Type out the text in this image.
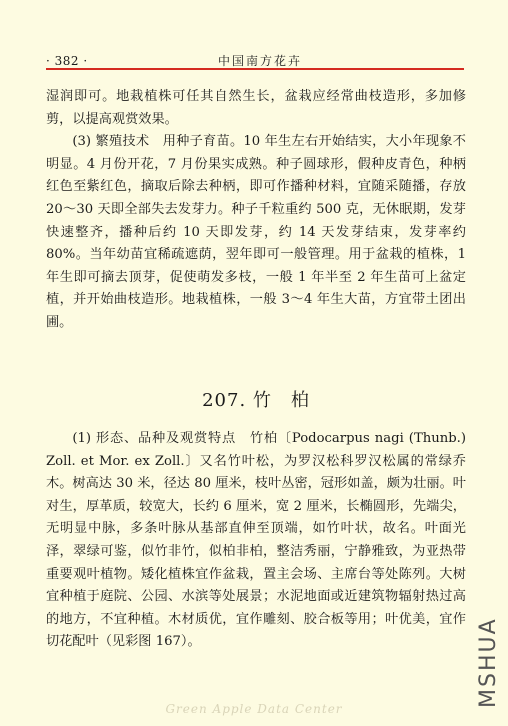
· 382 ·	中国南方花卉

湿润即可。地栽植株可任其自然生长，盆栽应经常曲枝造形，多加修剪，以提高观赏效果。

(3) 繁殖技术　用种子育苗。10 年生左右开始结实，大小年现象不明显。4 月份开花，7 月份果实成熟。种子圆球形，假种皮青色，种柄红色至紫红色，摘取后除去种柄，即可作播种材料，宜随采随播，存放 20～30 天即全部失去发芽力。种子千粒重约 500 克，无休眠期，发芽快速整齐，播种后约 10 天即发芽，约 14 天发芽结束，发芽率约 80%。当年幼苗宜稀疏遮荫，翌年即可一般管理。用于盆栽的植株，1 年生即可摘去顶芽，促使萌发多枝，一般 1 年半至 2 年生苗可上盆定植，并开始曲枝造形。地栽植株，一般 3～4 年生大苗，方宜带土团出圃。

207. 竹　柏

(1) 形态、品种及观赏特点　竹柏〔Podocarpus nagi (Thunb.) Zoll. et Mor. ex Zoll.〕又名竹叶松，为罗汉松科罗汉松属的常绿乔木。树高达 30 米，径达 80 厘米，枝叶丛密，冠形如盖，颇为壮丽。叶对生，厚革质，较宽大，长约 6 厘米，宽 2 厘米，长椭圆形，先端尖，无明显中脉，多条叶脉从基部直伸至顶端，如竹叶状，故名。叶面光泽，翠绿可鉴，似竹非竹，似柏非柏，整洁秀丽，宁静雅致，为亚热带重要观叶植物。矮化植株宜作盆栽，置主会场、主席台等处陈列。大树宜种植于庭院、公园、水滨等处展景；水泥地面或近建筑物辐射热过高的地方，不宜种植。木材质优，宜作雕刻、胶合板等用；叶优美，宜作切花配叶（见彩图 167）。

Green Apple Data Center
MSHUA
